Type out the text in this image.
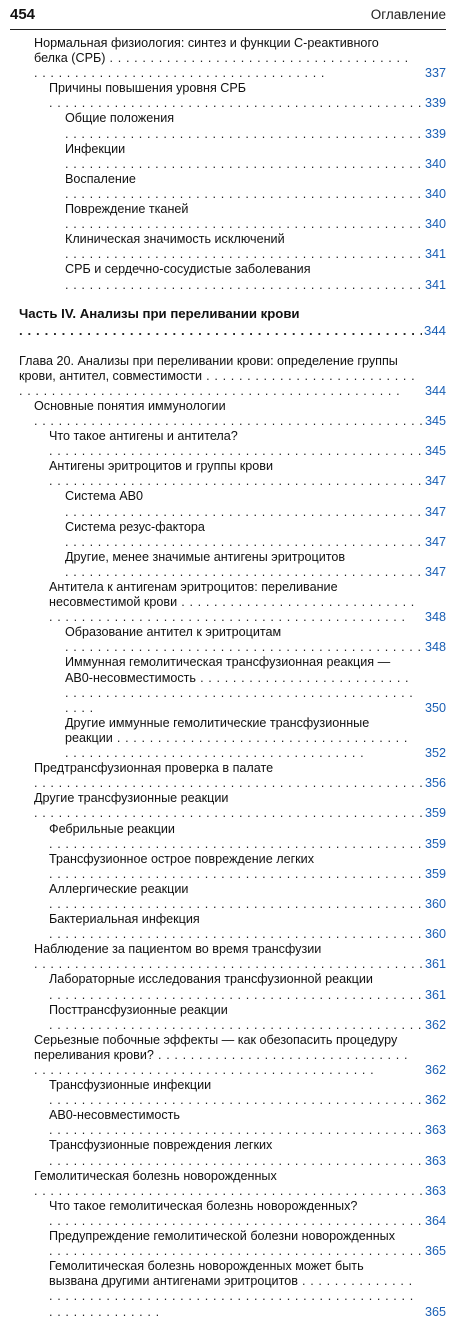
454	Оглавление
Нормальная физиология: синтез и функции С-реактивного белка (СРБ) . . .
337
Причины повышения уровня СРБ . . .
339
Общие положения . . .
339
Инфекции . . .
340
Воспаление . . .
340
Повреждение тканей . . .
340
Клиническая значимость исключений . . .
341
СРБ и сердечно-сосудистые заболевания . . .
341
Часть IV. Анализы при переливании крови . . .
344
Глава 20. Анализы при переливании крови: определение группы крови, антител, совместимости . . .
344
Основные понятия иммунологии . . .
345
Что такое антигены и антитела? . . .
345
Антигены эритроцитов и группы крови . . .
347
Система АВ0 . . .
347
Система резус-фактора . . .
347
Другие, менее значимые антигены эритроцитов . . .
347
Антитела к антигенам эритроцитов: переливание несовместимой крови . . .
348
Образование антител к эритроцитам . . .
348
Иммунная гемолитическая трансфузионная реакция — АВ0-несовместимость . . .
350
Другие иммунные гемолитические трансфузионные реакции . . .
352
Предтрансфузионная проверка в палате . . .
356
Другие трансфузионные реакции . . .
359
Фебрильные реакции . . .
359
Трансфузионное острое повреждение легких . . .
359
Аллергические реакции . . .
360
Бактериальная инфекция . . .
360
Наблюдение за пациентом во время трансфузии . . .
361
Лабораторные исследования трансфузионной реакции . . .
361
Посттрансфузионные реакции . . .
362
Серьезные побочные эффекты — как обезопасить процедуру переливания крови? . . .
362
Трансфузионные инфекции . . .
362
АВ0-несовместимость . . .
363
Трансфузионные повреждения легких . . .
363
Гемолитическая болезнь новорожденных . . .
363
Что такое гемолитическая болезнь новорожденных? . . .
364
Предупреждение гемолитической болезни новорожденных . . .
365
Гемолитическая болезнь новорожденных может быть вызвана другими антигенами эритроцитов . . .
365
